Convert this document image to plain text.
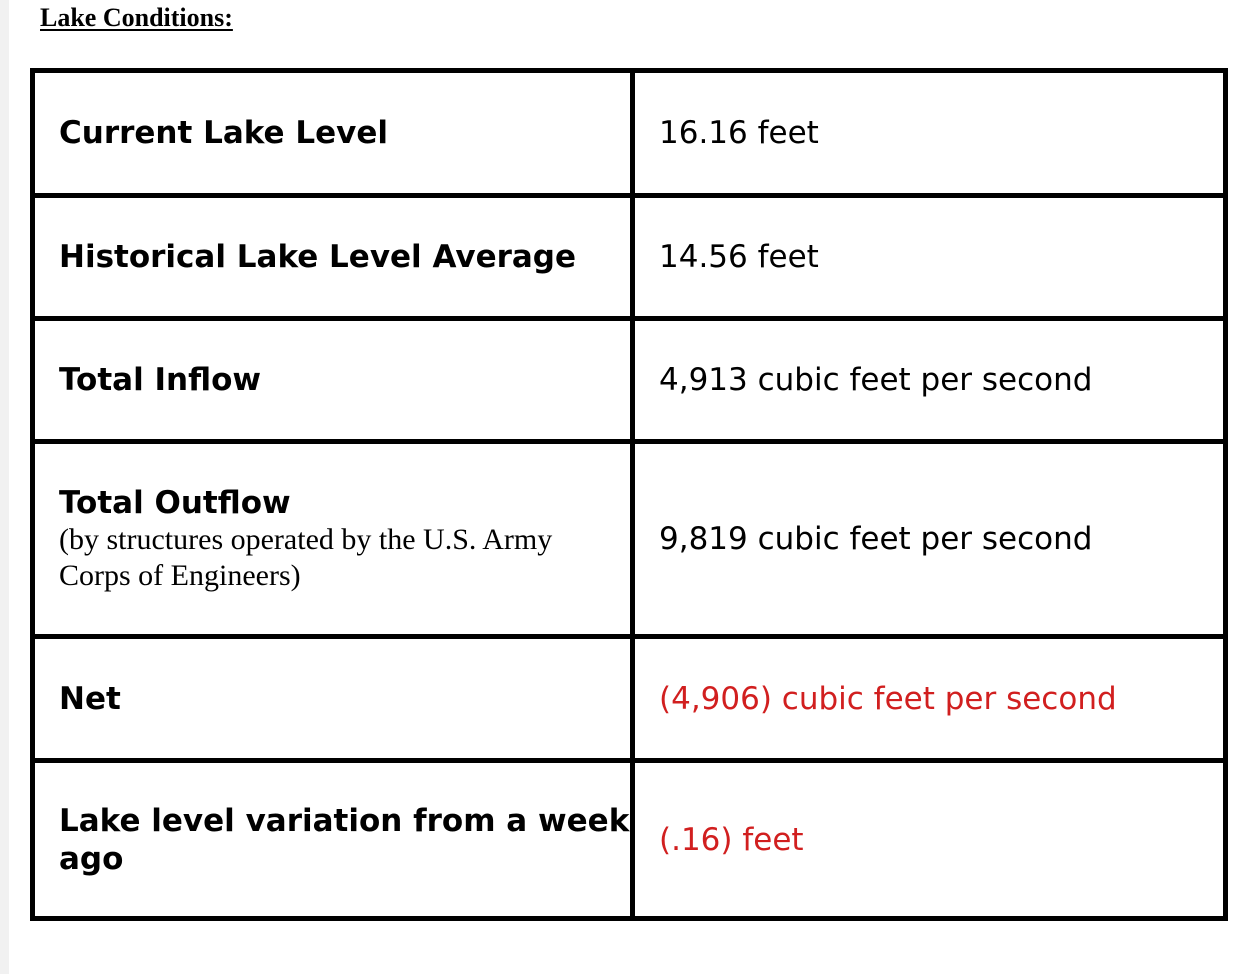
Lake Conditions:
Current Lake Level	16.16 feet

Historical Lake Level Average	14.56 feet

Total Inflow	4,913 cubic feet per second

Total Outflow
(by structures operated by the U.S. Army Corps of Engineers)	9,819 cubic feet per second

Net	(4,906) cubic feet per second

Lake level variation from a week ago	(.16) feet
